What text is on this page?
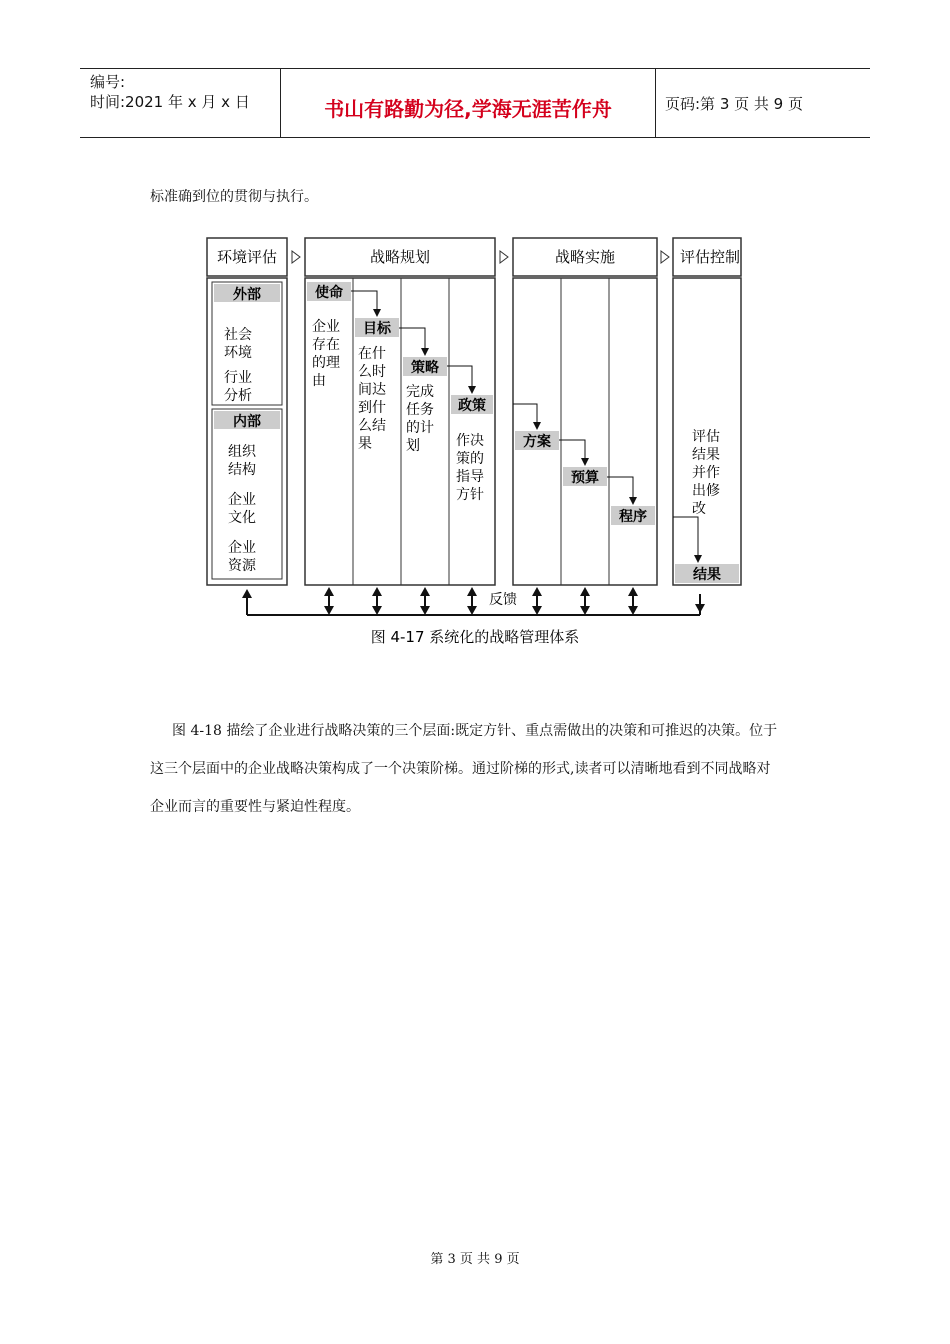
编号:
时间:2021 年 x 月 x 日	书山有路勤为径,学海无涯苦作舟	页码:第 3 页 共 9 页
标准确到位的贯彻与执行。
环境评估	战略规划	战略实施	评估控制
外部
社会
环境
行业
分析
内部
组织
结构
企业
文化
企业
资源
使命
企业
存在
的理
由
目标
在什
么时
间达
到什
么结
果
策略
完成
任务
的计
划
政策
作决
策的
指导
方针
方案
预算
程序
评估
结果
并作
出修
改
结果
反馈
图 4-17 系统化的战略管理体系
图 4-18 描绘了企业进行战略决策的三个层面:既定方针、重点需做出的决策和可推迟的决策。位于
这三个层面中的企业战略决策构成了一个决策阶梯。通过阶梯的形式,读者可以清晰地看到不同战略对
企业而言的重要性与紧迫性程度。
第 3 页 共 9 页
